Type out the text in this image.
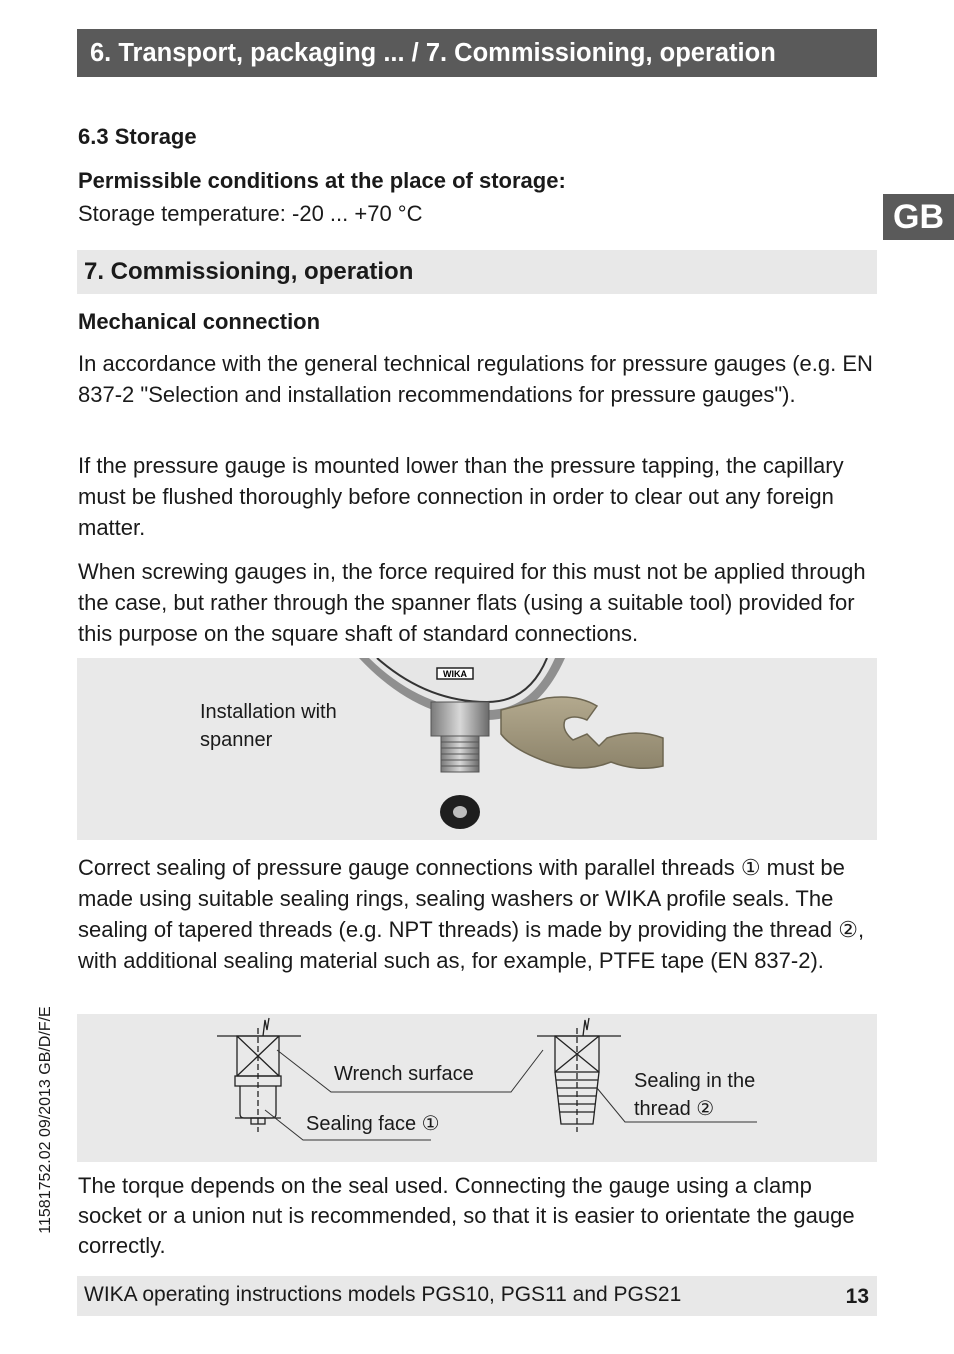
6. Transport, packaging ... / 7. Commissioning, operation
GB
6.3 Storage
Permissible conditions at the place of storage:
Storage temperature: -20 ... +70 °C
7. Commissioning, operation
Mechanical connection
In accordance with the general technical regulations for pressure gauges (e.g. EN 837-2 "Selection and installation recommendations for pressure gauges").
If the pressure gauge is mounted lower than the pressure tapping, the capillary must be flushed thoroughly before connection in order to clear out any foreign matter.
When screwing gauges in, the force required for this must not be applied through the case, but rather through the spanner flats (using a suitable tool) provided for this purpose on the square shaft of standard connections.
Installation with spanner
WIKA
Correct sealing of pressure gauge connections with parallel threads ① must be made using suitable sealing rings, sealing washers or WIKA profile seals. The sealing of tapered threads (e.g. NPT threads) is made by providing the thread ②, with additional sealing material such as, for example, PTFE tape (EN 837-2).
Wrench surface
Sealing face ①
Sealing in the thread ②
The torque depends on the seal used. Connecting the gauge using a clamp socket or a union nut is recommended, so that it is easier to orientate the gauge correctly.
WIKA operating instructions models PGS10, PGS11 and PGS21	13
11581752.02 09/2013 GB/D/F/E
